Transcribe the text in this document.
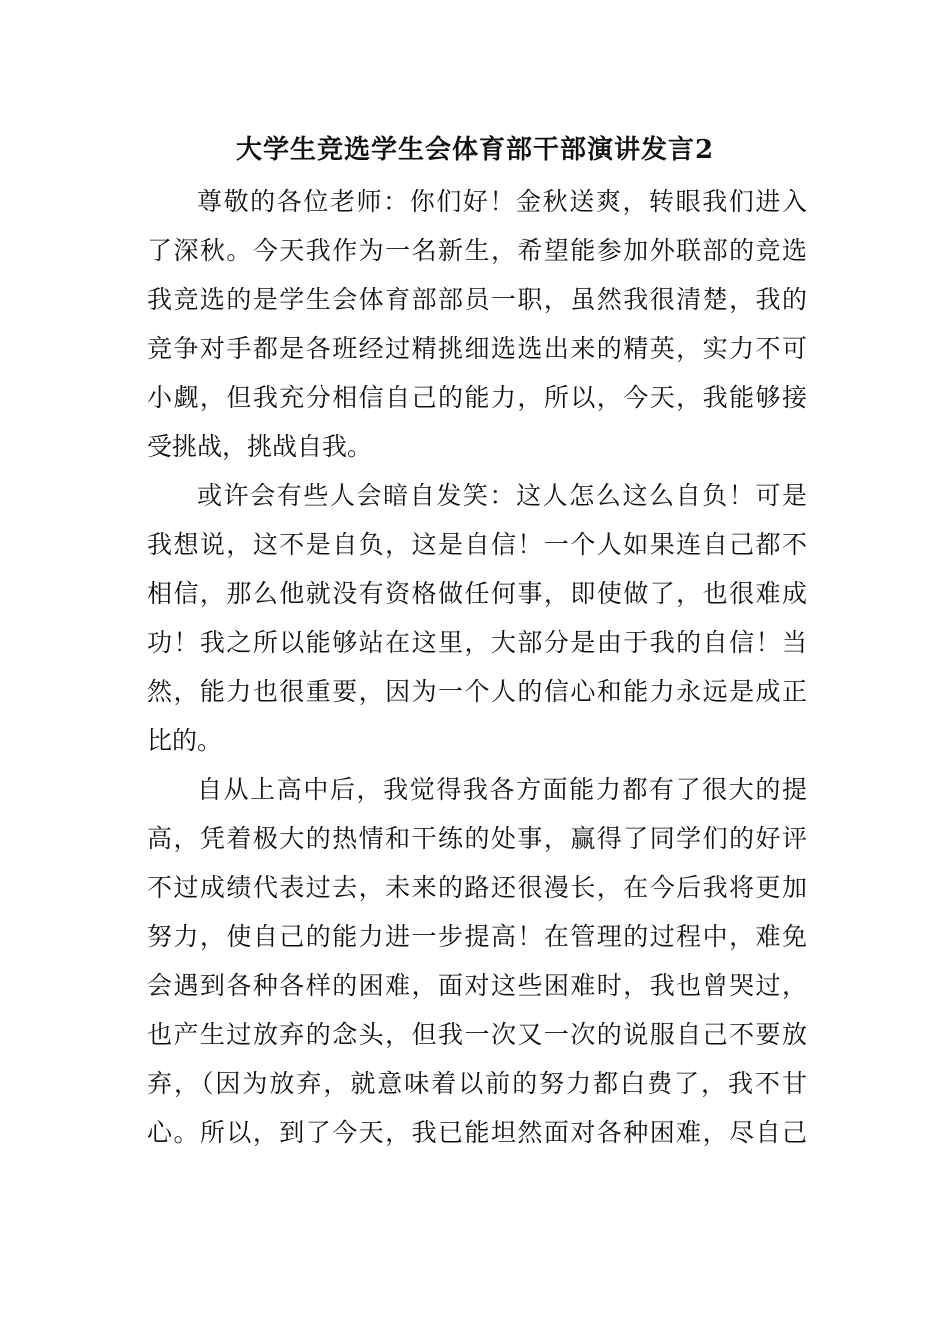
大学生竞选学生会体育部干部演讲发言2
尊敬的各位老师：你们好！金秋送爽，转眼我们进入
了深秋。今天我作为一名新生，希望能参加外联部的竞选
我竞选的是学生会体育部部员一职，虽然我很清楚，我的
竞争对手都是各班经过精挑细选选出来的精英，实力不可
小觑，但我充分相信自己的能力，所以，今天，我能够接
受挑战，挑战自我。
或许会有些人会暗自发笑：这人怎么这么自负！可是
我想说，这不是自负，这是自信！一个人如果连自己都不
相信，那么他就没有资格做任何事，即使做了，也很难成
功！我之所以能够站在这里，大部分是由于我的自信！当
然，能力也很重要，因为一个人的信心和能力永远是成正
比的。
自从上高中后，我觉得我各方面能力都有了很大的提
高，凭着极大的热情和干练的处事，赢得了同学们的好评
不过成绩代表过去，未来的路还很漫长，在今后我将更加
努力，使自己的能力进一步提高！在管理的过程中，难免
会遇到各种各样的困难，面对这些困难时，我也曾哭过，
也产生过放弃的念头，但我一次又一次的说服自己不要放
弃，（因为放弃，就意味着以前的努力都白费了，我不甘
心。所以，到了今天，我已能坦然面对各种困难，尽自己
